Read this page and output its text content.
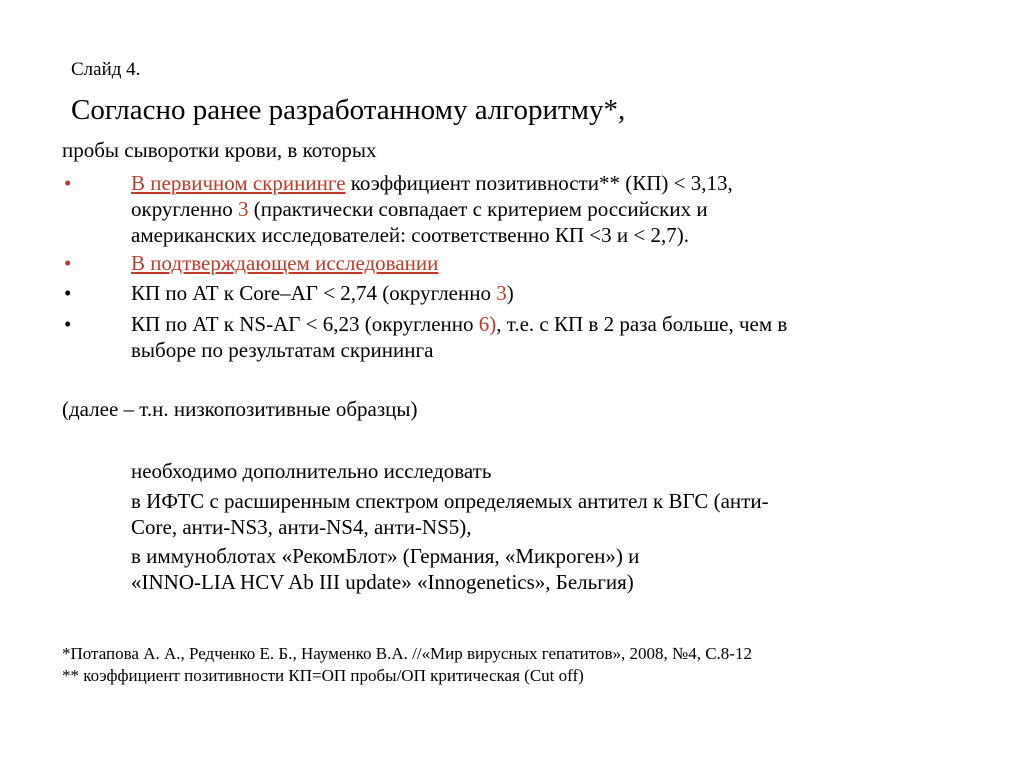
Слайд 4.
Согласно ранее разработанному алгоритму*,
пробы сыворотки крови, в которых
•	В первичном скрининге коэффициент позитивности** (КП) < 3,13,
округленно 3 (практически совпадает с критерием российских и
американских исследователей: соответственно КП <3 и < 2,7).
•	В подтверждающем исследовании
•	КП по АТ к Core–АГ < 2,74 (округленно 3)
•	КП по АТ к NS-АГ < 6,23 (округленно 6), т.е. с КП в 2 раза больше, чем в
выборе по результатам скрининга
(далее – т.н. низкопозитивные образцы)
необходимо дополнительно исследовать
в ИФТС с расширенным спектром определяемых антител к ВГС (анти-
Core, анти-NS3, анти-NS4, анти-NS5),
в иммуноблотах «РекомБлот» (Германия, «Микроген») и
«INNO-LIA HCV Ab III update» «Innogenetics», Бельгия)
*Потапова А. А., Редченко Е. Б., Науменко В.А. //«Мир вирусных гепатитов», 2008, №4, С.8-12
** коэффициент позитивности КП=ОП пробы/ОП критическая (Cut off)
